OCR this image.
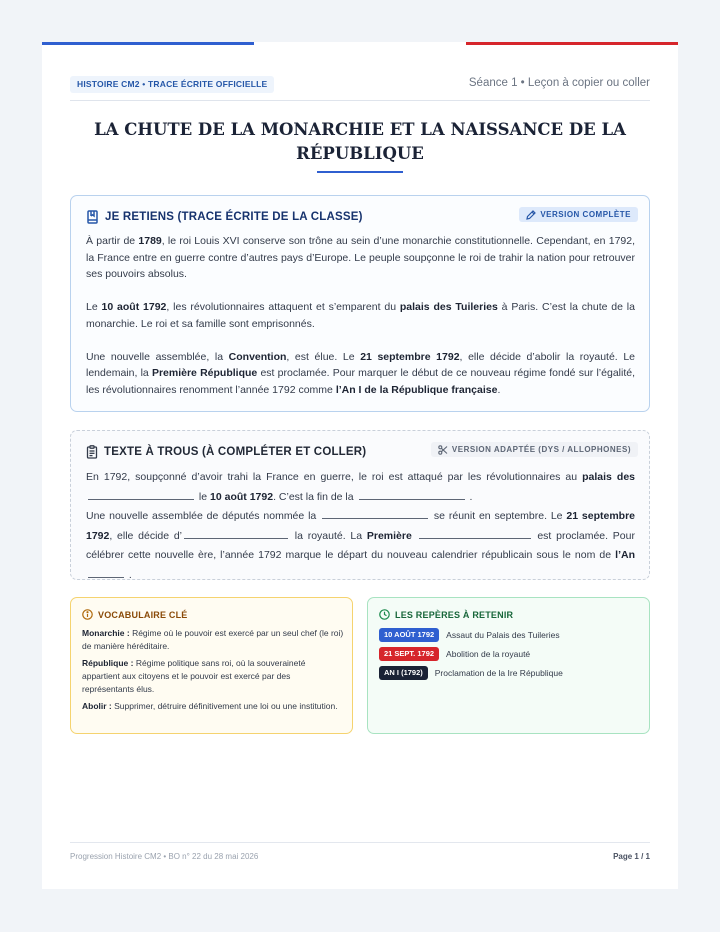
HISTOIRE CM2 • TRACE ÉCRITE OFFICIELLE	Séance 1 • Leçon à copier ou coller
LA CHUTE DE LA MONARCHIE ET LA NAISSANCE DE LA RÉPUBLIQUE
JE RETIENS (TRACE ÉCRITE DE LA CLASSE)	VERSION COMPLÈTE

À partir de 1789, le roi Louis XVI conserve son trône au sein d’une monarchie constitutionnelle. Cependant, en 1792, la France entre en guerre contre d’autres pays d’Europe. Le peuple soupçonne le roi de trahir la nation pour retrouver ses pouvoirs absolus.

Le 10 août 1792, les révolutionnaires attaquent et s’emparent du palais des Tuileries à Paris. C’est la chute de la monarchie. Le roi et sa famille sont emprisonnés.

Une nouvelle assemblée, la Convention, est élue. Le 21 septembre 1792, elle décide d’abolir la royauté. Le lendemain, la Première République est proclamée. Pour marquer le début de ce nouveau régime fondé sur l’égalité, les révolutionnaires renomment l’année 1792 comme l’An I de la République française.

TEXTE À TROUS (À COMPLÉTER ET COLLER)	VERSION ADAPTÉE (DYS / ALLOPHONES)
En 1792, soupçonné d’avoir trahi la France en guerre, le roi est attaqué par les révolutionnaires au palais des  le 10 août 1792. C’est la fin de la	.
Une nouvelle assemblée de députés nommée la	se réunit en septembre. Le 21 septembre 1792, elle décide d’	la royauté. La Première	est proclamée. Pour célébrer cette nouvelle ère, l’année 1792 marque le départ du nouveau calendrier républicain sous le nom de l’An  .
VOCABULAIRE CLÉ

Monarchie : Régime où le pouvoir est exercé par un seul chef (le roi) de manière héréditaire.

République : Régime politique sans roi, où la souveraineté appartient aux citoyens et le pouvoir est exercé par des représentants élus.

Abolir : Supprimer, détruire définitivement une loi ou une institution.

LES REPÈRES À RETENIR
10 AOÛT 1792	Assaut du Palais des Tuileries
21 SEPT. 1792	Abolition de la royauté
AN I (1792)	Proclamation de la Ire République
Progression Histoire CM2 • BO n° 22 du 28 mai 2026	Page 1 / 1
